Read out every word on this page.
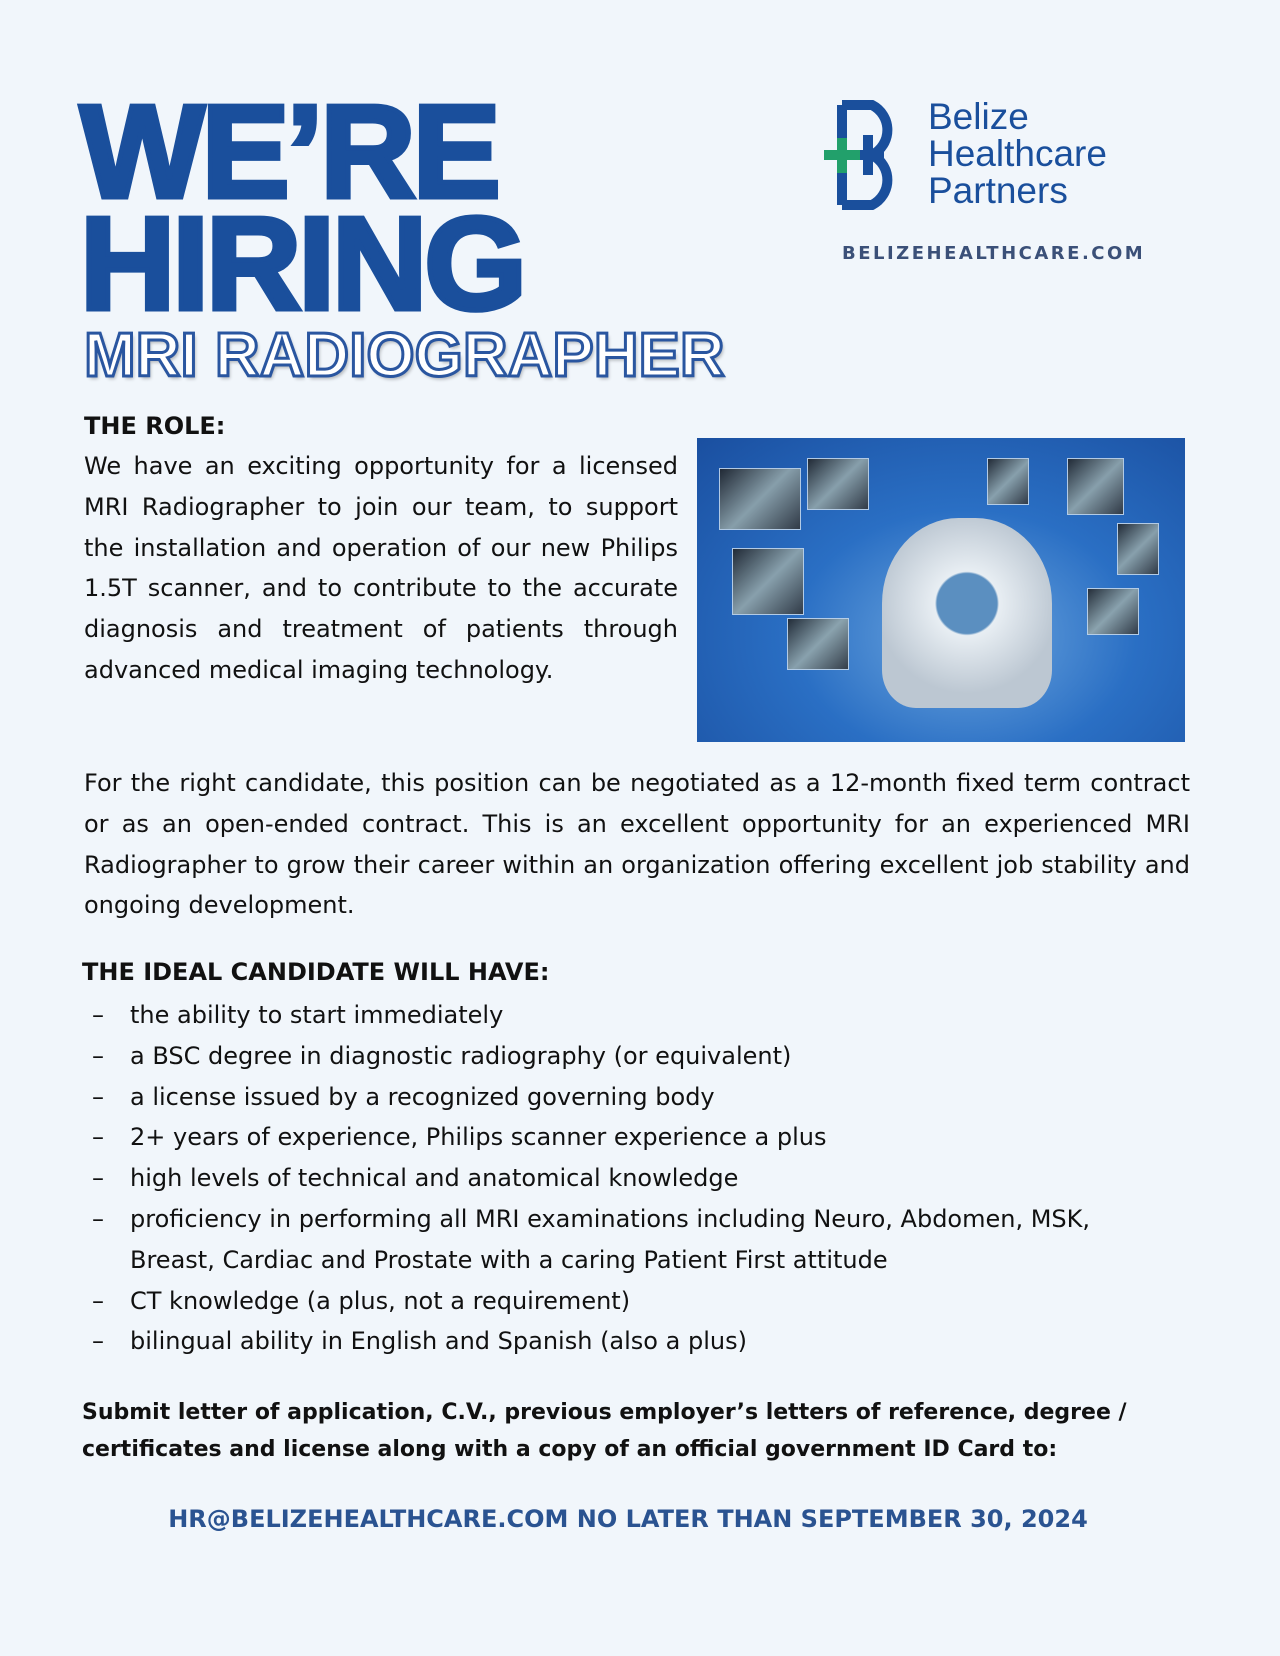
WE’RE
HIRING
MRI RADIOGRAPHER
Belize
Healthcare
Partners
BELIZEHEALTHCARE.COM
THE ROLE:
We have an exciting opportunity for a licensed MRI Radiographer to join our team, to support the installation and operation of our new Philips 1.5T scanner, and to contribute to the accurate diagnosis and treatment of patients through advanced medical imaging technology.
For the right candidate, this position can be negotiated as a 12-month fixed term contract or as an open-ended contract. This is an excellent opportunity for an experienced MRI Radiographer to grow their career within an organization offering excellent job stability and ongoing development.
THE IDEAL CANDIDATE WILL HAVE:
– the ability to start immediately
– a BSC degree in diagnostic radiography (or equivalent)
– a license issued by a recognized governing body
– 2+ years of experience, Philips scanner experience a plus
– high levels of technical and anatomical knowledge
– proficiency in performing all MRI examinations including Neuro, Abdomen, MSK, Breast, Cardiac and Prostate with a caring Patient First attitude
– CT knowledge (a plus, not a requirement)
– bilingual ability in English and Spanish (also a plus)
Submit letter of application, C.V., previous employer’s letters of reference, degree / certificates and license along with a copy of an official government ID Card to:
HR@BELIZEHEALTHCARE.COM NO LATER THAN SEPTEMBER 30, 2024
